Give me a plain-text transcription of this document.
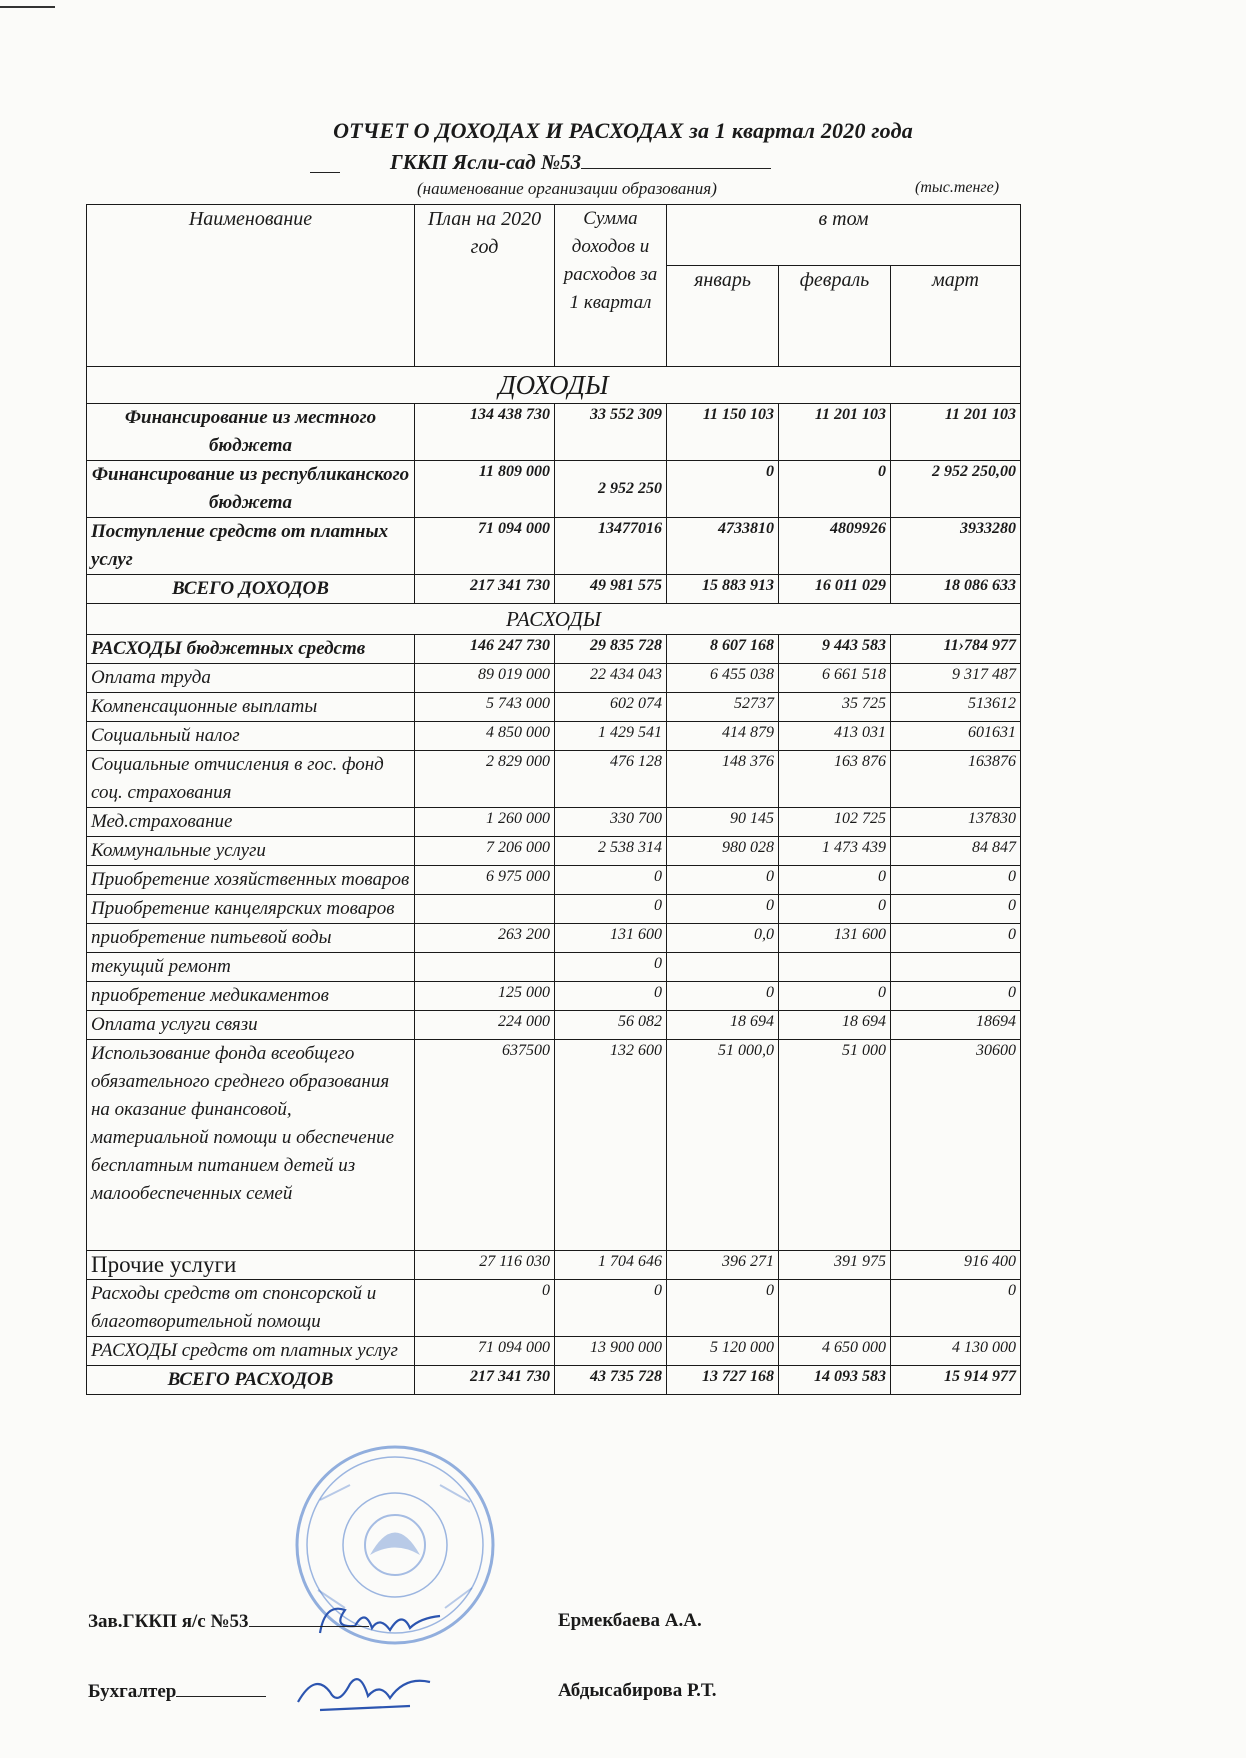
ОТЧЕТ О ДОХОДАХ И РАСХОДАХ за 1 квартал 2020 года
ГККП Ясли-сад №53
(наименование организации образования)	(тыс.тенге)
Наименование	План на 2020 год	Сумма доходов и расходов за 1 квартал	в том		
			январь	февраль	март
ДОХОДЫ					
Финансирование из местного бюджета	134 438 730	33 552 309	11 150 103	11 201 103	11 201 103
Финансирование из республиканского бюджета	11 809 000	2 952 250	0	0	2 952 250,00
Поступление средств от платных услуг	71 094 000	13477016	4733810	4809926	3933280
ВСЕГО ДОХОДОВ	217 341 730	49 981 575	15 883 913	16 011 029	18 086 633
РАСХОДЫ					
РАСХОДЫ бюджетных средств	146 247 730	29 835 728	8 607 168	9 443 583	11›784 977
Оплата труда	89 019 000	22 434 043	6 455 038	6 661 518	9 317 487
Компенсационные выплаты	5 743 000	602 074	52737	35 725	513612
Социальный налог	4 850 000	1 429 541	414 879	413 031	601631
Социальные отчисления в гос. фонд соц. страхования	2 829 000	476 128	148 376	163 876	163876
Мед.страхование	1 260 000	330 700	90 145	102 725	137830
Коммунальные услуги	7 206 000	2 538 314	980 028	1 473 439	84 847
Приобретение хозяйственных товаров	6 975 000	0	0	0	0
Приобретение канцелярских товаров		0	0	0	0
приобретение питьевой воды	263 200	131 600	0,0	131 600	0
текущий ремонт		0			
приобретение медикаментов	125 000	0	0	0	0
Оплата услуги связи	224 000	56 082	18 694	18 694	18694
Использование фонда всеобщего обязательного среднего образования на оказание финансовой, материальной помощи и обеспечение бесплатным питанием детей из малообеспеченных семей	637500	132 600	51 000,0	51 000	30600
Прочие услуги	27 116 030	1 704 646	396 271	391 975	916 400
Расходы средств от спонсорской и благотворительной помощи	0	0	0		0
РАСХОДЫ средств от платных услуг	71 094 000	13 900 000	5 120 000	4 650 000	4 130 000
ВСЕГО РАСХОДОВ	217 341 730	43 735 728	13 727 168	14 093 583	15 914 977
Зав.ГККП я/с №53	Ермекбаева А.А.
Бухгалтер	Абдысабирова Р.Т.
